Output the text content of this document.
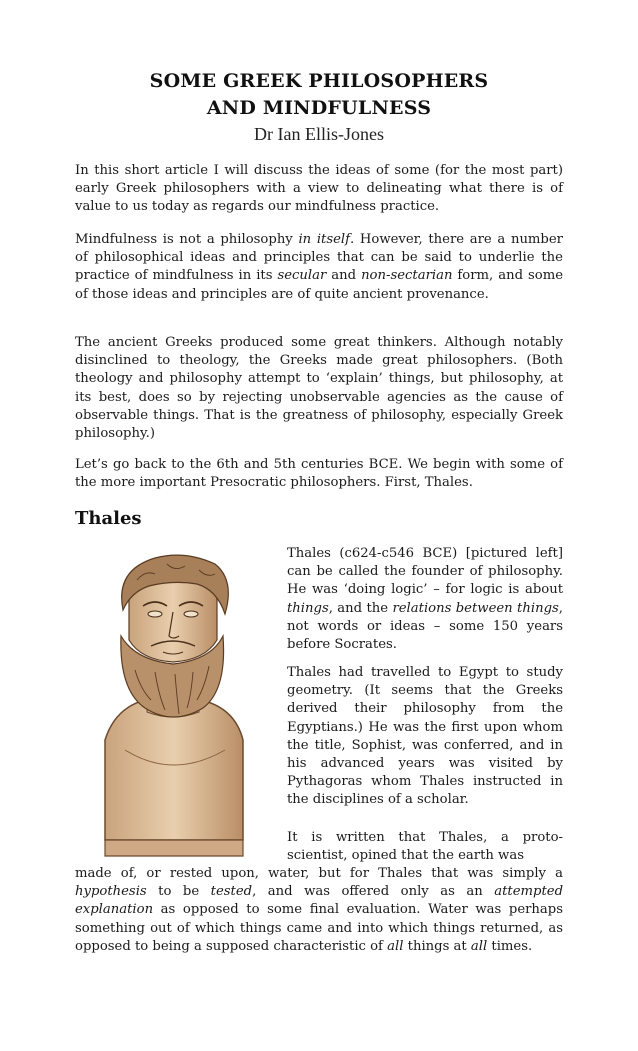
SOME GREEK PHILOSOPHERS
AND MINDFULNESS
Dr Ian Ellis-Jones

In this short article I will discuss the ideas of some (for the most part) early Greek philosophers with a view to delineating what there is of value to us today as regards our mindfulness practice.

Mindfulness is not a philosophy in itself. However, there are a number of philosophical ideas and principles that can be said to underlie the practice of mindfulness in its secular and non-sectarian form, and some of those ideas and principles are of quite ancient provenance.

The ancient Greeks produced some great thinkers. Although notably disinclined to theology, the Greeks made great philosophers. (Both theology and philosophy attempt to ‘explain’ things, but philosophy, at its best, does so by rejecting unobservable agencies as the cause of observable things. That is the greatness of philosophy, especially Greek philosophy.)

Let’s go back to the 6th and 5th centuries BCE. We begin with some of the more important Presocratic philosophers. First, Thales.

Thales

Thales (c624-c546 BCE) [pictured left] can be called the founder of philosophy. He was ‘doing logic’ – for logic is about things, and the relations between things, not words or ideas – some 150 years before Socrates.

Thales had travelled to Egypt to study geometry. (It seems that the Greeks derived their philosophy from the Egyptians.) He was the first upon whom the title, Sophist, was conferred, and in his advanced years was visited by Pythagoras whom Thales instructed in the disciplines of a scholar.

It is written that Thales, a proto-scientist, opined that the earth was

made of, or rested upon, water, but for Thales that was simply a hypothesis to be tested, and was offered only as an attempted explanation as opposed to some final evaluation. Water was perhaps something out of which things came and into which things returned, as opposed to being a supposed characteristic of all things at all times.
